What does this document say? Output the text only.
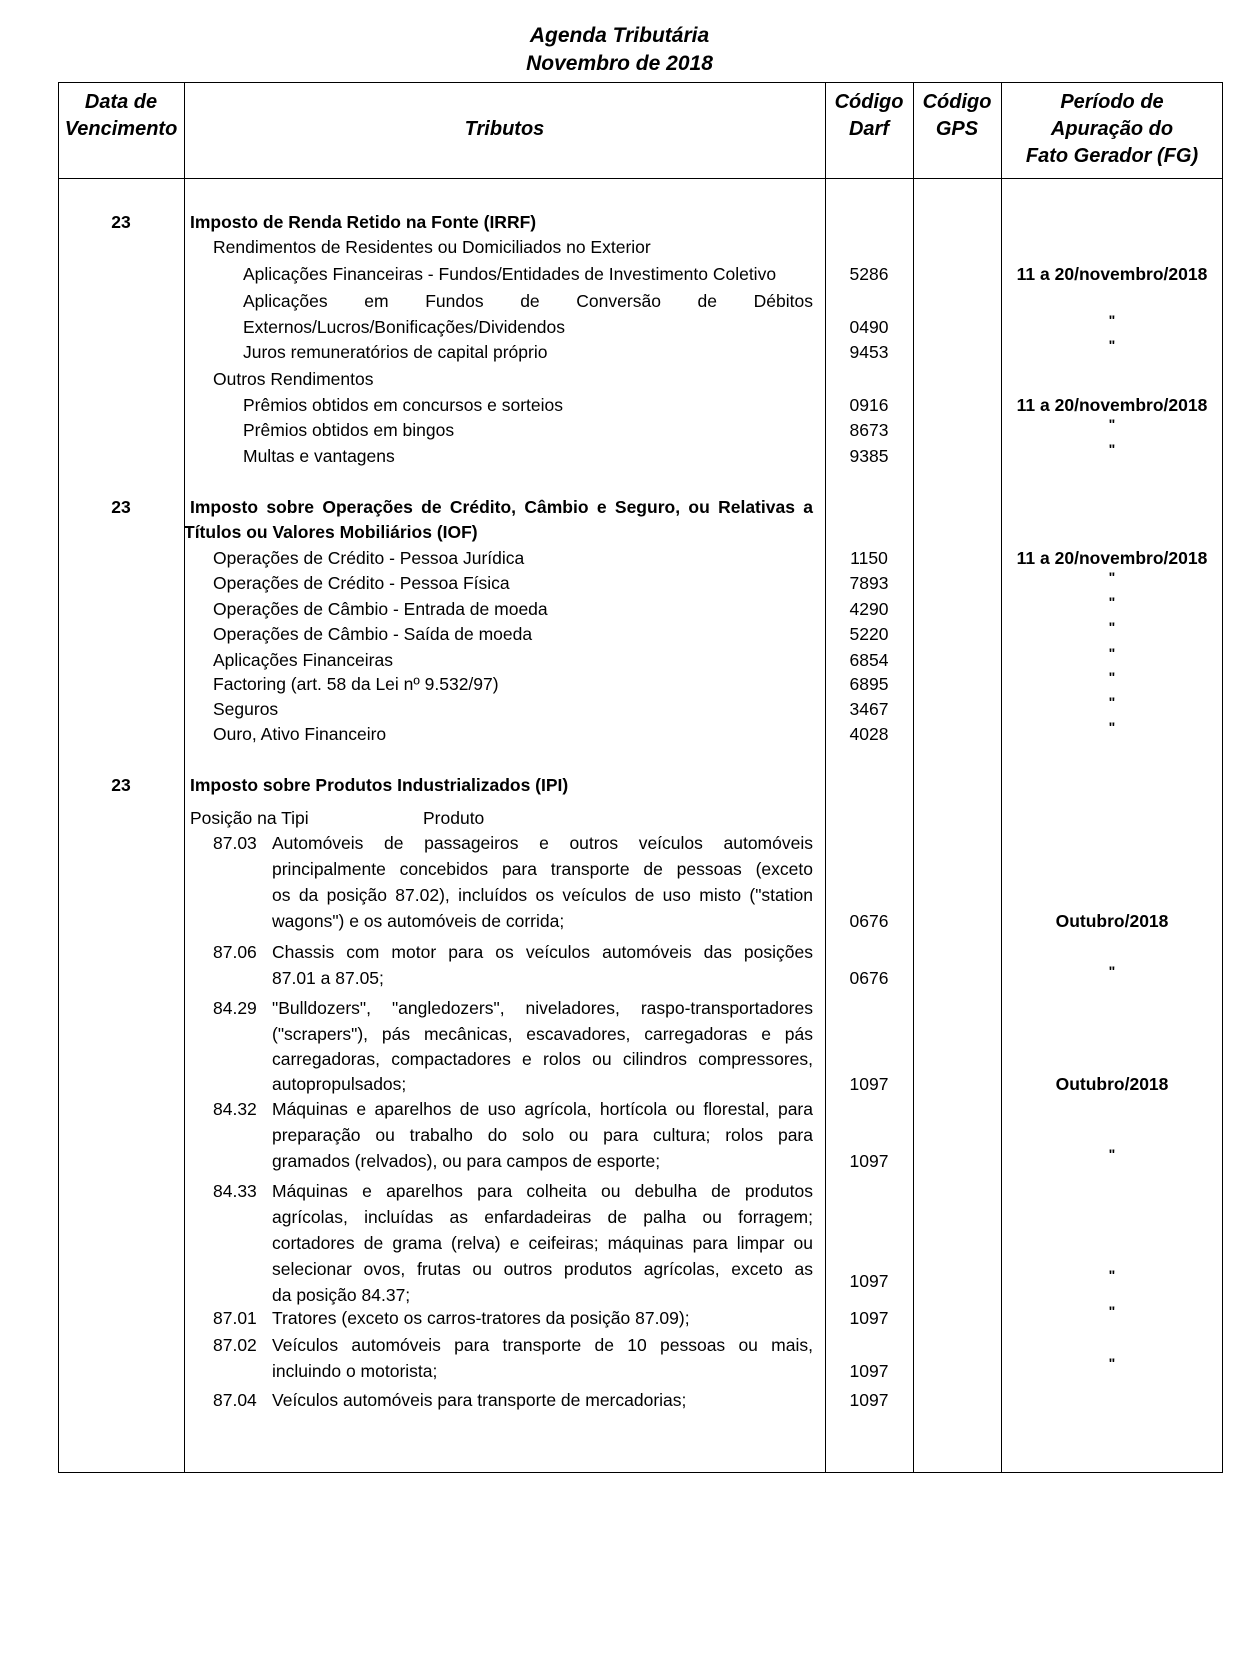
Agenda Tributária
Novembro de 2018
Data de
Vencimento	Tributos
Código
Darf
Código
GPS
Período de
Apuração do
Fato Gerador (FG)
23	Imposto de Renda Retido na Fonte (IRRF)
Rendimentos de Residentes ou Domiciliados no Exterior
Aplicações Financeiras - Fundos/Entidades de Investimento Coletivo	5286	11 a 20/novembro/2018
Aplicações em Fundos de Conversão de Débitos
Externos/Lucros/Bonificações/Dividendos	0490	"
Juros remuneratórios de capital próprio	9453	"
Outros Rendimentos
Prêmios obtidos em concursos e sorteios	0916	11 a 20/novembro/2018
Prêmios obtidos em bingos	8673	"
Multas e vantagens	9385	"
23	Imposto sobre Operações de Crédito, Câmbio e Seguro, ou Relativas a
Títulos ou Valores Mobiliários (IOF)
Operações de Crédito - Pessoa Jurídica	1150	11 a 20/novembro/2018
Operações de Crédito - Pessoa Física	7893	"
Operações de Câmbio - Entrada de moeda	4290	"
Operações de Câmbio - Saída de moeda	5220	"
Aplicações Financeiras	6854	"
Factoring (art. 58 da Lei nº 9.532/97)	6895	"
Seguros	3467	"
Ouro, Ativo Financeiro	4028	"
23	Imposto sobre Produtos Industrializados (IPI)
Posição na Tipi	Produto
87.03 Automóveis de passageiros e outros veículos automóveis
principalmente concebidos para transporte de pessoas (exceto
os da posição 87.02), incluídos os veículos de uso misto ("station
wagons") e os automóveis de corrida;	0676	Outubro/2018
87.06 Chassis com motor para os veículos automóveis das posições
87.01 a 87.05;	0676	"
84.29 "Bulldozers", "angledozers", niveladores, raspo-transportadores
("scrapers"), pás mecânicas, escavadores, carregadoras e pás
carregadoras, compactadores e rolos ou cilindros compressores,
autopropulsados;	1097	Outubro/2018
84.32 Máquinas e aparelhos de uso agrícola, hortícola ou florestal, para
preparação ou trabalho do solo ou para cultura; rolos para
gramados (relvados), ou para campos de esporte;	1097	"
84.33 Máquinas e aparelhos para colheita ou debulha de produtos
agrícolas, incluídas as enfardadeiras de palha ou forragem;
cortadores de grama (relva) e ceifeiras; máquinas para limpar ou
selecionar ovos, frutas ou outros produtos agrícolas, exceto as
da posição 84.37;
1097	"
87.01 Tratores (exceto os carros-tratores da posição 87.09);	1097	"
87.02 Veículos automóveis para transporte de 10 pessoas ou mais,
incluindo o motorista;	1097	"
87.04 Veículos automóveis para transporte de mercadorias;	1097
